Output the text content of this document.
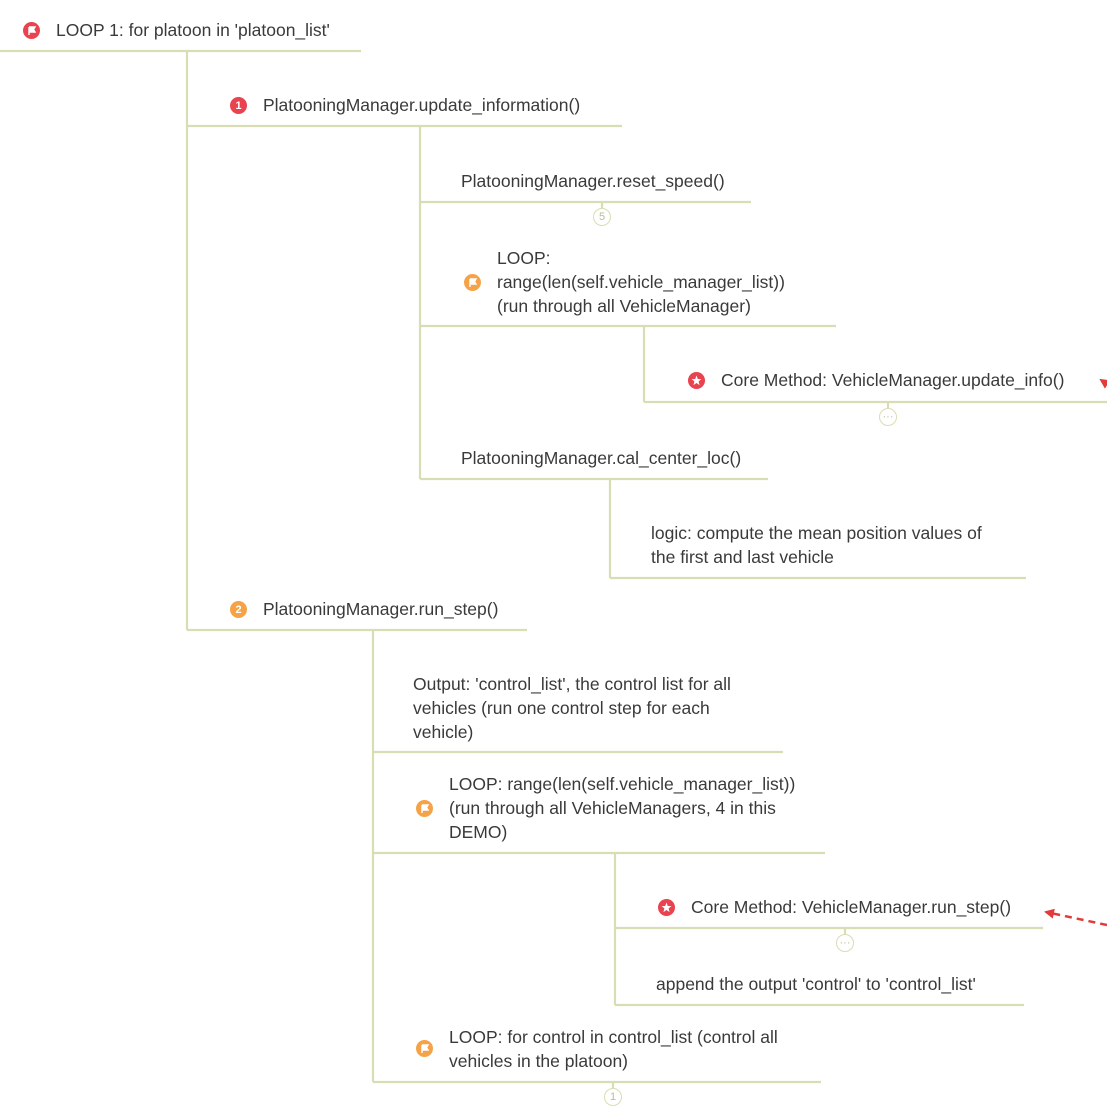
LOOP 1: for platoon in 'platoon_list'
1 PlatooningManager.update_information()
PlatooningManager.reset_speed()
5
LOOP:
range(len(self.vehicle_manager_list))
(run through all VehicleManager)
Core Method: VehicleManager.update_info()
···
PlatooningManager.cal_center_loc()
logic: compute the mean position values of
the first and last vehicle
2 PlatooningManager.run_step()
Output: 'control_list', the control list for all
vehicles (run one control step for each
vehicle)
LOOP: range(len(self.vehicle_manager_list))
(run through all VehicleManagers, 4 in this
DEMO)
Core Method: VehicleManager.run_step()
···
append the output 'control' to 'control_list'
LOOP: for control in control_list (control all
vehicles in the platoon)
1
